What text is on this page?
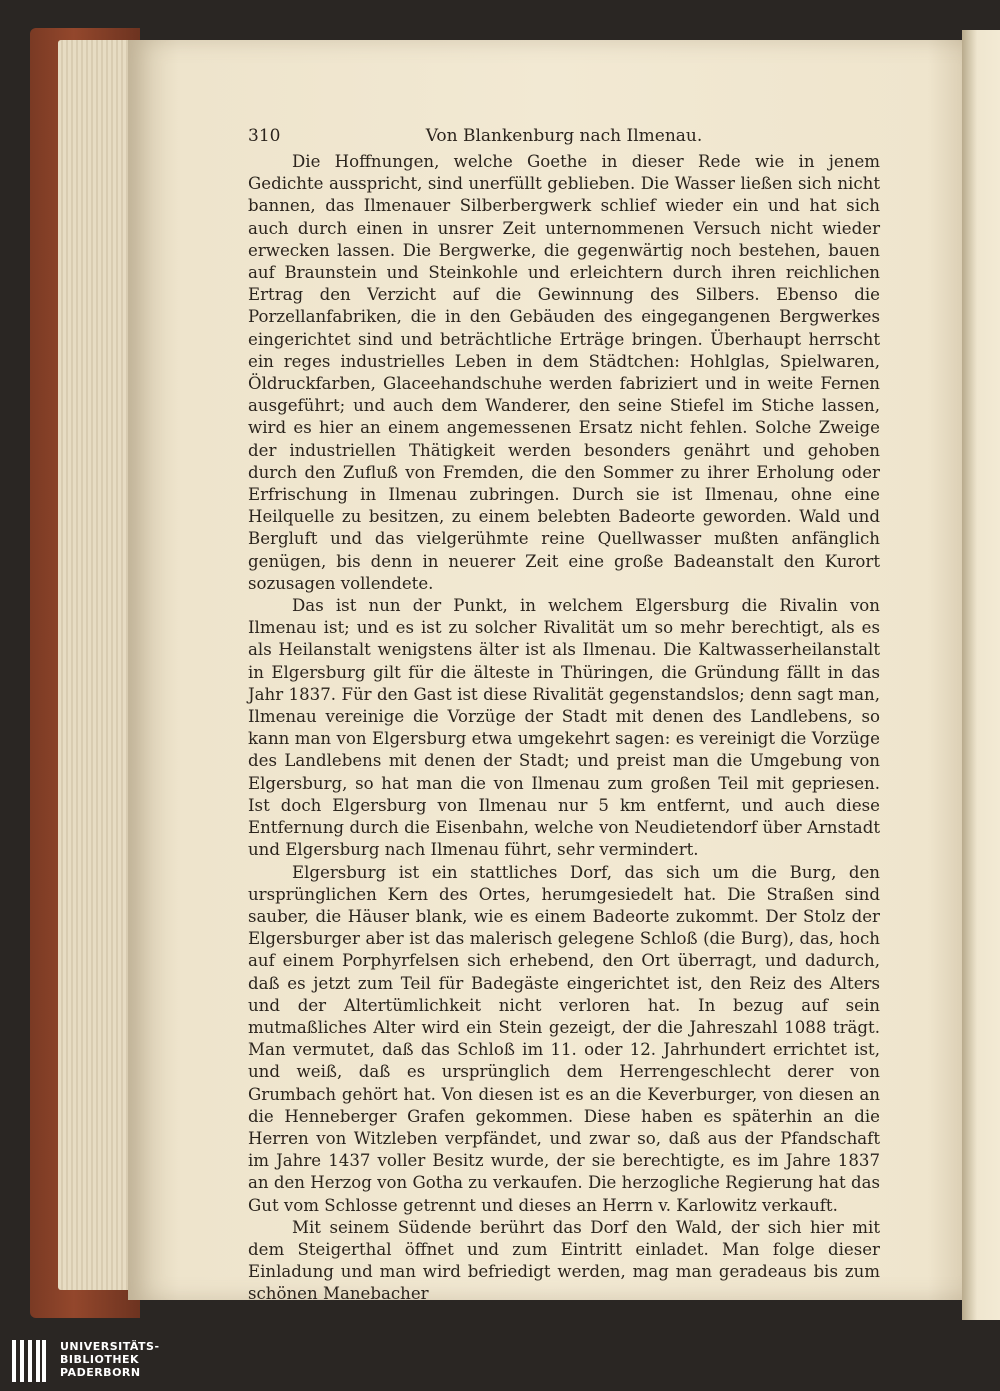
310	Von Blankenburg nach Ilmenau.

Die Hoffnungen, welche Goethe in dieser Rede wie in jenem Gedichte ausspricht, sind unerfüllt geblieben. Die Wasser ließen sich nicht bannen, das Ilmenauer Silberbergwerk schlief wieder ein und hat sich auch durch einen in unsrer Zeit unternommenen Versuch nicht wieder erwecken lassen. Die Bergwerke, die gegenwärtig noch bestehen, bauen auf Braunstein und Steinkohle und erleichtern durch ihren reichlichen Ertrag den Verzicht auf die Gewinnung des Silbers. Ebenso die Porzellanfabriken, die in den Gebäuden des eingegangenen Bergwerkes eingerichtet sind und beträchtliche Erträge bringen. Überhaupt herrscht ein reges industrielles Leben in dem Städtchen: Hohlglas, Spielwaren, Öldruckfarben, Glaceehandschuhe werden fabriziert und in weite Fernen ausgeführt; und auch dem Wanderer, den seine Stiefel im Stiche lassen, wird es hier an einem angemessenen Ersatz nicht fehlen. Solche Zweige der industriellen Thätigkeit werden besonders genährt und gehoben durch den Zufluß von Fremden, die den Sommer zu ihrer Erholung oder Erfrischung in Ilmenau zubringen. Durch sie ist Ilmenau, ohne eine Heilquelle zu besitzen, zu einem belebten Badeorte geworden. Wald und Bergluft und das vielgerühmte reine Quellwasser mußten anfänglich genügen, bis denn in neuerer Zeit eine große Badeanstalt den Kurort sozusagen vollendete.

Das ist nun der Punkt, in welchem Elgersburg die Rivalin von Ilmenau ist; und es ist zu solcher Rivalität um so mehr berechtigt, als es als Heilanstalt wenigstens älter ist als Ilmenau. Die Kaltwasserheilanstalt in Elgersburg gilt für die älteste in Thüringen, die Gründung fällt in das Jahr 1837. Für den Gast ist diese Rivalität gegenstandslos; denn sagt man, Ilmenau vereinige die Vorzüge der Stadt mit denen des Landlebens, so kann man von Elgersburg etwa umgekehrt sagen: es vereinigt die Vorzüge des Landlebens mit denen der Stadt; und preist man die Umgebung von Elgersburg, so hat man die von Ilmenau zum großen Teil mit gepriesen. Ist doch Elgersburg von Ilmenau nur 5 km entfernt, und auch diese Entfernung durch die Eisenbahn, welche von Neudietendorf über Arnstadt und Elgersburg nach Ilmenau führt, sehr vermindert.

Elgersburg ist ein stattliches Dorf, das sich um die Burg, den ursprünglichen Kern des Ortes, herumgesiedelt hat. Die Straßen sind sauber, die Häuser blank, wie es einem Badeorte zukommt. Der Stolz der Elgersburger aber ist das malerisch gelegene Schloß (die Burg), das, hoch auf einem Porphyrfelsen sich erhebend, den Ort überragt, und dadurch, daß es jetzt zum Teil für Badegäste eingerichtet ist, den Reiz des Alters und der Altertümlichkeit nicht verloren hat. In bezug auf sein mutmaßliches Alter wird ein Stein gezeigt, der die Jahreszahl 1088 trägt. Man vermutet, daß das Schloß im 11. oder 12. Jahrhundert errichtet ist, und weiß, daß es ursprünglich dem Herrengeschlecht derer von Grumbach gehört hat. Von diesen ist es an die Keverburger, von diesen an die Henneberger Grafen gekommen. Diese haben es späterhin an die Herren von Witzleben verpfändet, und zwar so, daß aus der Pfandschaft im Jahre 1437 voller Besitz wurde, der sie berechtigte, es im Jahre 1837 an den Herzog von Gotha zu verkaufen. Die herzogliche Regierung hat das Gut vom Schlosse getrennt und dieses an Herrn v. Karlowitz verkauft.

Mit seinem Südende berührt das Dorf den Wald, der sich hier mit dem Steigerthal öffnet und zum Eintritt einladet. Man folge dieser Einladung und man wird befriedigt werden, mag man geradeaus bis zum schönen Manebacher

UNIVERSITÄTS-
BIBLIOTHEK
PADERBORN
